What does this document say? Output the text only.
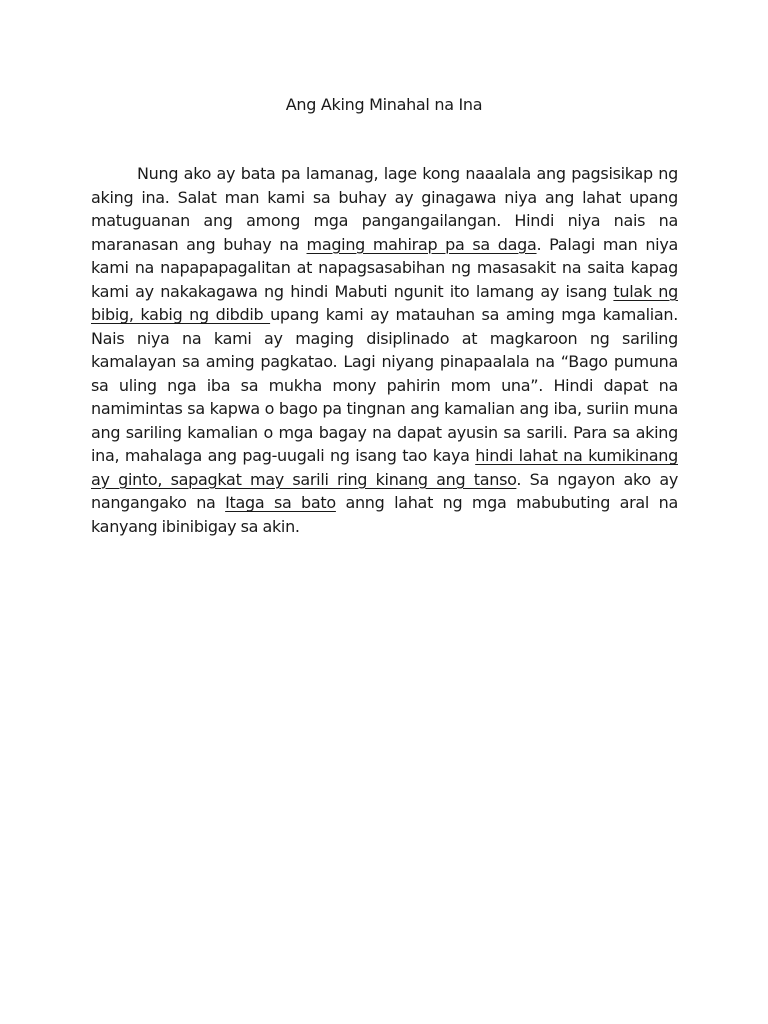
Ang Aking Minahal na Ina

Nung ako ay bata pa lamanag, lage kong naaalala ang pagsisikap ng aking ina. Salat man kami sa buhay ay ginagawa niya ang lahat upang matuguanan ang among mga pangangailangan. Hindi niya nais na maranasan ang buhay na maging mahirap pa sa daga. Palagi man niya kami na napapapagalitan at napagsasabihan ng masasakit na saita kapag kami ay nakakagawa ng hindi Mabuti ngunit ito lamang ay isang tulak ng bibig, kabig ng dibdib upang kami ay matauhan sa aming mga kamalian. Nais niya na kami ay maging disiplinado at magkaroon ng sariling kamalayan sa aming pagkatao. Lagi niyang pinapaalala na “Bago pumuna sa uling nga iba sa mukha mony pahirin mom una”. Hindi dapat na namimintas sa kapwa o bago pa tingnan ang kamalian ang iba, suriin muna ang sariling kamalian o mga bagay na dapat ayusin sa sarili. Para sa aking ina, mahalaga ang pag-uugali ng isang tao kaya hindi lahat na kumikinang ay ginto, sapagkat may sarili ring kinang ang tanso. Sa ngayon ako ay nangangako na Itaga sa bato anng lahat ng mga mabubuting aral na kanyang ibinibigay sa akin.
